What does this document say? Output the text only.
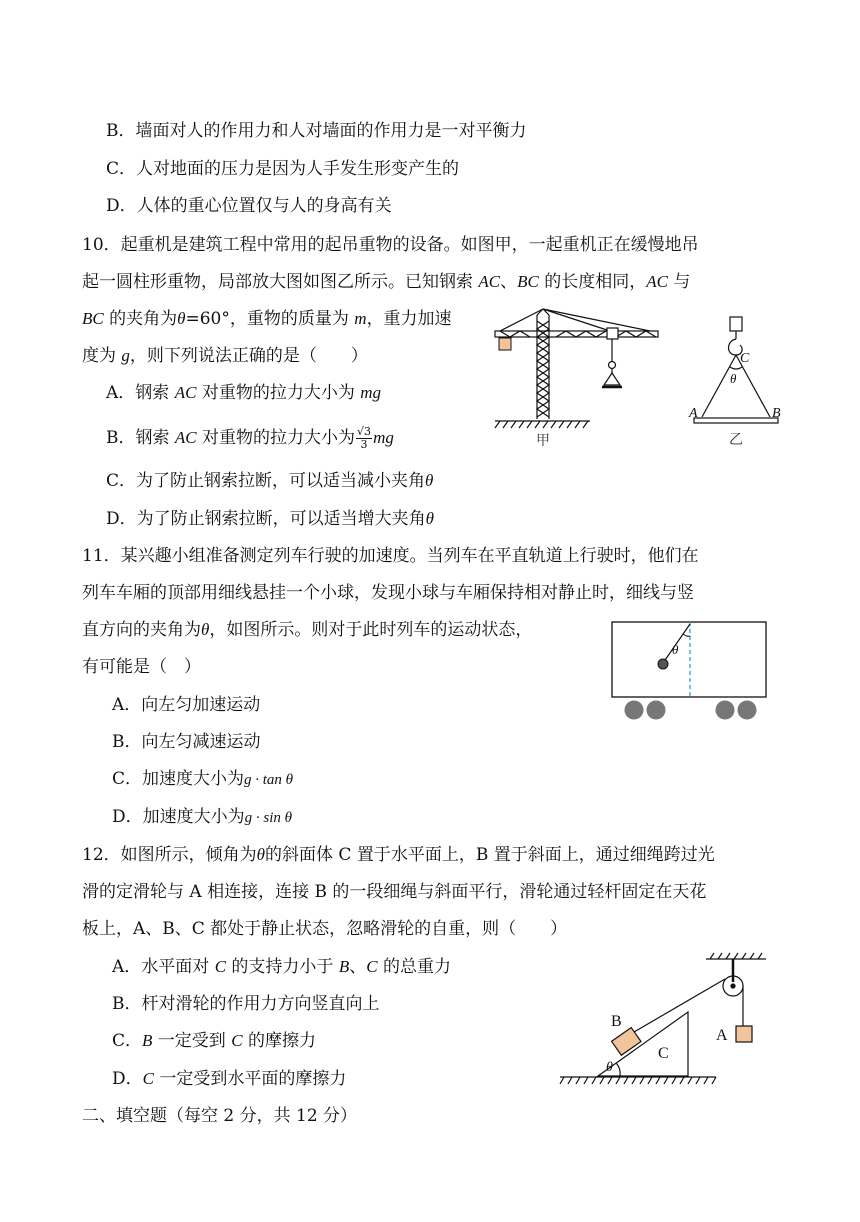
B．墙面对人的作用力和人对墙面的作用力是一对平衡力
C．人对地面的压力是因为人手发生形变产生的
D．人体的重心位置仅与人的身高有关
10．起重机是建筑工程中常用的起吊重物的设备。如图甲，一起重机正在缓慢地吊
起一圆柱形重物，局部放大图如图乙所示。已知钢索 AC、BC 的长度相同，AC 与
BC 的夹角为θ=60°，重物的质量为 m，重力加速
度为 g，则下列说法正确的是（　　）
A．钢索 AC 对重物的拉力大小为 mg
B．钢索 AC 对重物的拉力大小为 $\frac{√3}{3}$ mg
C．为了防止钢索拉断，可以适当减小夹角θ
D．为了防止钢索拉断，可以适当增大夹角θ
甲
C
θ
A	B
乙
11．某兴趣小组准备测定列车行驶的加速度。当列车在平直轨道上行驶时，他们在
列车车厢的顶部用细线悬挂一个小球，发现小球与车厢保持相对静止时，细线与竖
直方向的夹角为θ，如图所示。则对于此时列车的运动状态，
有可能是（　）
A．向左匀加速运动
B．向左匀减速运动
C．加速度大小为g · tan θ
D．加速度大小为g · sin θ
θ
12．如图所示，倾角为θ的斜面体 C 置于水平面上，B 置于斜面上，通过细绳跨过光
滑的定滑轮与 A 相连接，连接 B 的一段细绳与斜面平行，滑轮通过轻杆固定在天花
板上，A、B、C 都处于静止状态，忽略滑轮的自重，则（　　）
A．水平面对 C 的支持力小于 B、C 的总重力
B．杆对滑轮的作用力方向竖直向上
C．B 一定受到 C 的摩擦力
D．C 一定受到水平面的摩擦力
A
B
C
θ
二、填空题（每空 2 分，共 12 分）
